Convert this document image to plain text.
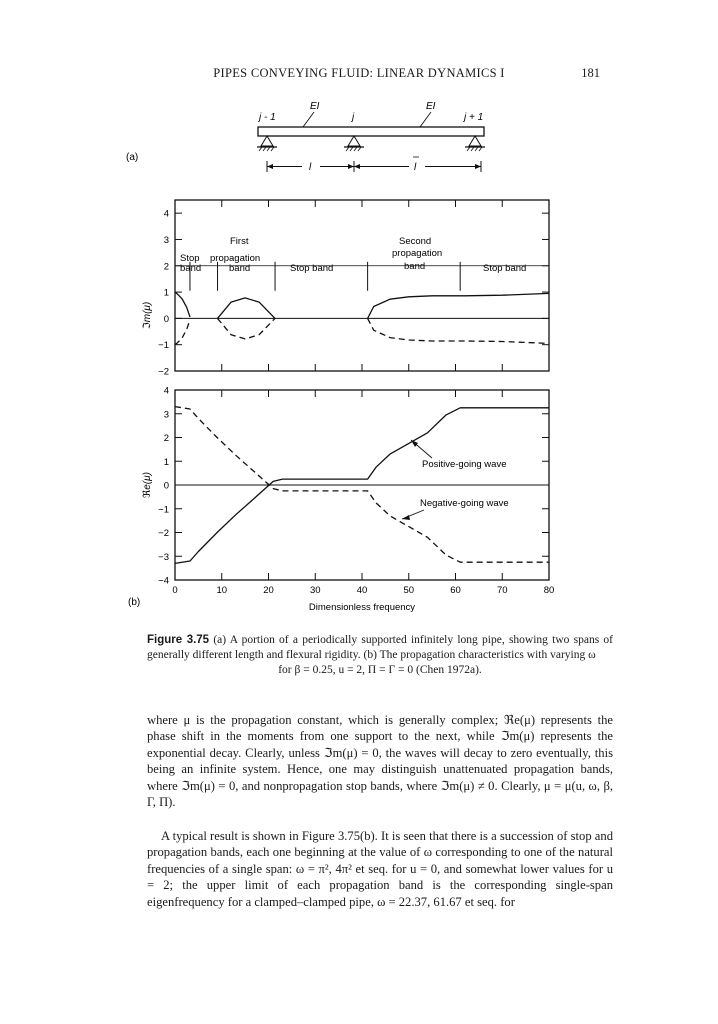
PIPES CONVEYING FLUID: LINEAR DYNAMICS I	181
(a)
j - 1	j	j + 1
EI	EI
l	l
(b)
Stop
band
First
propagation
band	Stop band
Second
propagation
band	Stop band
Positive-going wave
Negative-going wave
4
3
2
1
0
−1
−2
ℑm(μ)
4
3
2
1
0
−1
−2
−3
−4
0	10	20	30	40	50	60	70	80
Dimensionless frequency
ℜe(μ)
Figure 3.75 (a) A portion of a periodically supported infinitely long pipe, showing two spans of generally different length and flexural rigidity. (b) The propagation characteristics with varying ω
for β = 0.25, u = 2, Π = Γ = 0 (Chen 1972a).

where μ is the propagation constant, which is generally complex; ℜe(μ) represents the phase shift in the moments from one support to the next, while ℑm(μ) represents the exponential decay. Clearly, unless ℑm(μ) = 0, the waves will decay to zero eventually, this being an infinite system. Hence, one may distinguish unattenuated propagation bands, where ℑm(μ) = 0, and nonpropagation stop bands, where ℑm(μ) ≠ 0. Clearly, μ = μ(u, ω, β, Γ, Π).

A typical result is shown in Figure 3.75(b). It is seen that there is a succession of stop and propagation bands, each one beginning at the value of ω corresponding to one of the natural frequencies of a single span: ω = π², 4π² et seq. for u = 0, and somewhat lower values for u = 2; the upper limit of each propagation band is the corresponding single-span eigenfrequency for a clamped–clamped pipe, ω = 22.37, 61.67 et seq. for
